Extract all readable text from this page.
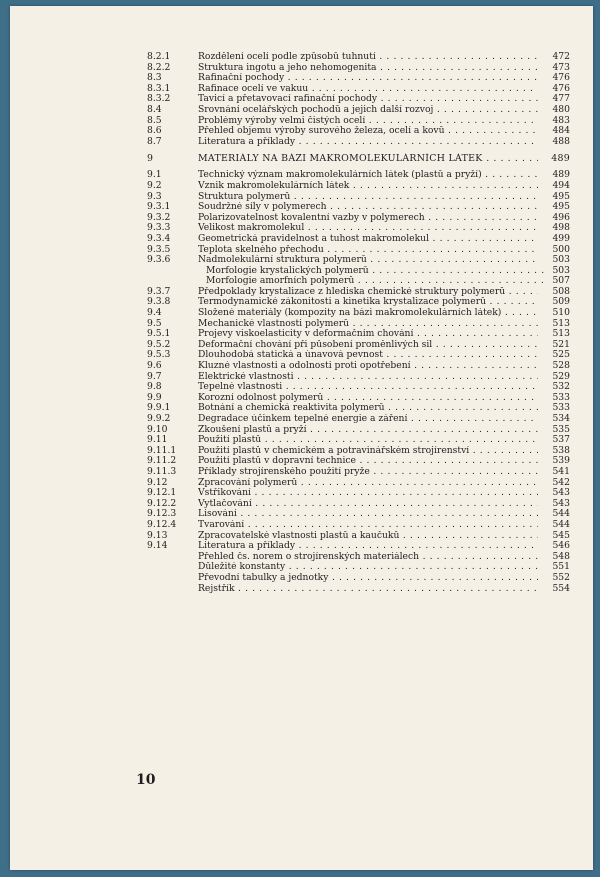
8.2.1	Rozdělení ocelí podle způsobů tuhnutí . . .	472
8.2.2	Struktura ingotu a jeho nehomogenita . . .	473
8.3	Rafinační pochody . . .	476
8.3.1	Rafinace ocelí ve vakuu . . .	476
8.3.2	Tavicí a přetavovací rafinační pochody . . .	477
8.4	Srovnání ocelářských pochodů a jejich další rozvoj . . .	480
8.5	Problémy výroby velmi čistých ocelí . . .	483
8.6	Přehled objemu výroby surového železa, ocelí a kovů . . .	484
8.7	Literatura a příklady . . .	488
9	MATERIÁLY NA BÁZI MAKROMOLEKULÁRNÍCH LÁTEK . . .	489
9.1	Technický význam makromolekulárních látek (plastů a pryží) . . .	489
9.2	Vznik makromolekulárních látek . . .	494
9.3	Struktura polymerů . . .	495
9.3.1	Soudržné síly v polymerech . . .	495
9.3.2	Polarizovatelnost kovalentní vazby v polymerech . . .	496
9.3.3	Velikost makromolekul . . .	498
9.3.4	Geometrická pravidelnost a tuhost makromolekul . . .	499
9.3.5	Teplota skelného přechodu . . .	500
9.3.6	Nadmolekulární struktura polymerů . . .	503
Morfologie krystalických polymerů . . .	503
Morfologie amorfních polymerů . . .	507
9.3.7	Předpoklady krystalizace z hlediska chemické struktury polymerů . . .	508
9.3.8	Termodynamické zákonitosti a kinetika krystalizace polymerů . . .	509
9.4	Složené materiály (kompozity na bázi makromolekulárních látek) . . .	510
9.5	Mechanické vlastnosti polymerů . . .	513
9.5.1	Projevy viskoelasticity v deformačním chování . . .	513
9.5.2	Deformační chování při působení proměnlivých sil . . .	521
9.5.3	Dlouhodobá statická a únavová pevnost . . .	525
9.6	Kluzné vlastnosti a odolnosti proti opotřebení . . .	528
9.7	Elektrické vlastnosti . . .	529
9.8	Tepelné vlastnosti . . .	532
9.9	Korozní odolnost polymerů . . .	533
9.9.1	Botnání a chemická reaktivita polymerů . . .	533
9.9.2	Degradace účinkem tepelné energie a záření . . .	534
9.10	Zkoušení plastů a pryží . . .	535
9.11	Použití plastů . . .	537
9.11.1	Použití plastů v chemickém a potravinářském strojírenství . . .	538
9.11.2	Použití plastů v dopravní technice . . .	539
9.11.3	Příklady strojírenského použití pryže . . .	541
9.12	Zpracování polymerů . . .	542
9.12.1	Vstřikování . . .	543
9.12.2	Vytlačování . . .	543
9.12.3	Lisování . . .	544
9.12.4	Tvarování . . .	544
9.13	Zpracovatelské vlastnosti plastů a kaučuků . . .	545
9.14	Literatura a příklady . . .	546
Přehled čs. norem o strojírenských materiálech . . .	548
Důležité konstanty . . .	551
Převodní tabulky a jednotky . . .	552
Rejstřík . . .	554
10
